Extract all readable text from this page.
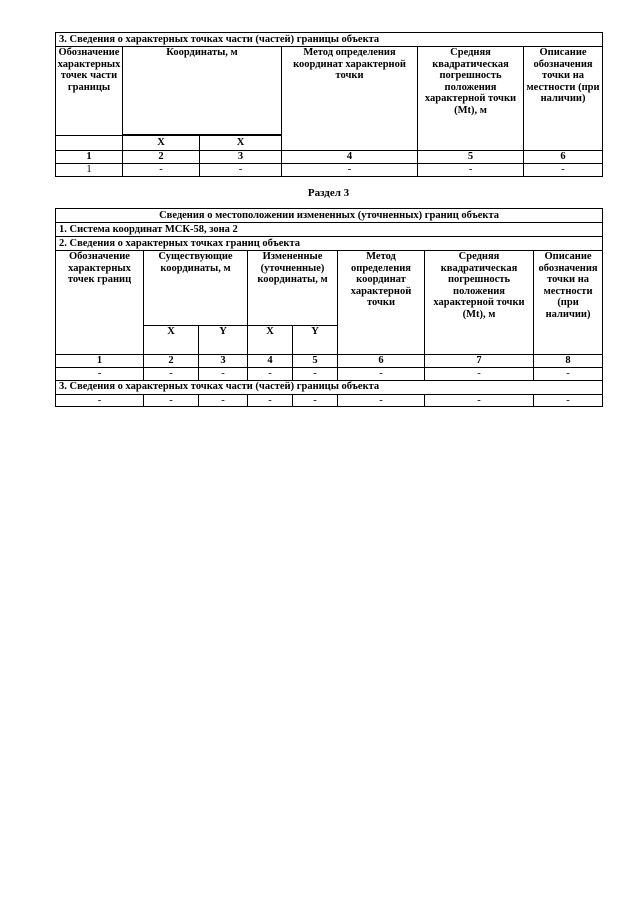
3. Сведения о характерных точках части (частей) границы объекта					
Обозначение характерных точек части границы	Координаты, м		Метод определения координат характерной точки	Средняя квадратическая погрешность положения характерной точки (Mt), м	Описание обозначения точки на местности (при наличии)

	X	X			
1	2	3	4	5	6
1	-	-	-	-	-
Раздел 3
Сведения о местоположении измененных (уточненных) границ объекта							
1. Система координат МСК-58, зона 2							
2. Сведения о характерных точках границ объекта							
Обозначение характерных точек границ	Существующие координаты, м		Измененные (уточненные) координаты, м		Метод определения координат характерной точки	Средняя квадратическая погрешность положения характерной точки (Mt), м	Описание обозначения точки на местности (при наличии)
	X	Y	X	Y			
1	2	3	4	5	6	7	8
-	-	-	-	-	-	-	-
3. Сведения о характерных точках части (частей) границы объекта							
-	-	-	-	-	-	-	-
